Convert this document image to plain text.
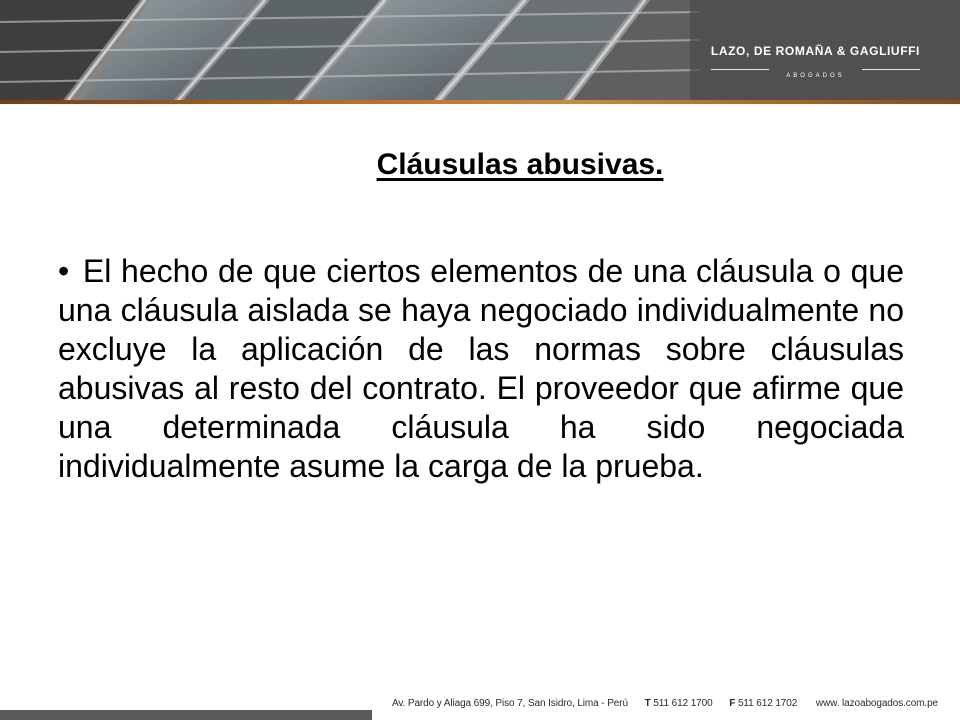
LAZO, DE ROMAÑA & GAGLIUFFI
ABOGADOS
Cláusulas abusivas.
• El hecho de que ciertos elementos de una cláusula o que una cláusula aislada se haya negociado individualmente no excluye la aplicación de las normas sobre cláusulas abusivas al resto del contrato. El proveedor que afirme que una determinada cláusula ha sido negociada individualmente asume la carga de la prueba.
Av. Pardo y Aliaga 699, Piso 7, San Isidro, Lima - Perú T 511 612 1700 F 511 612 1702 www. lazoabogados.com.pe
